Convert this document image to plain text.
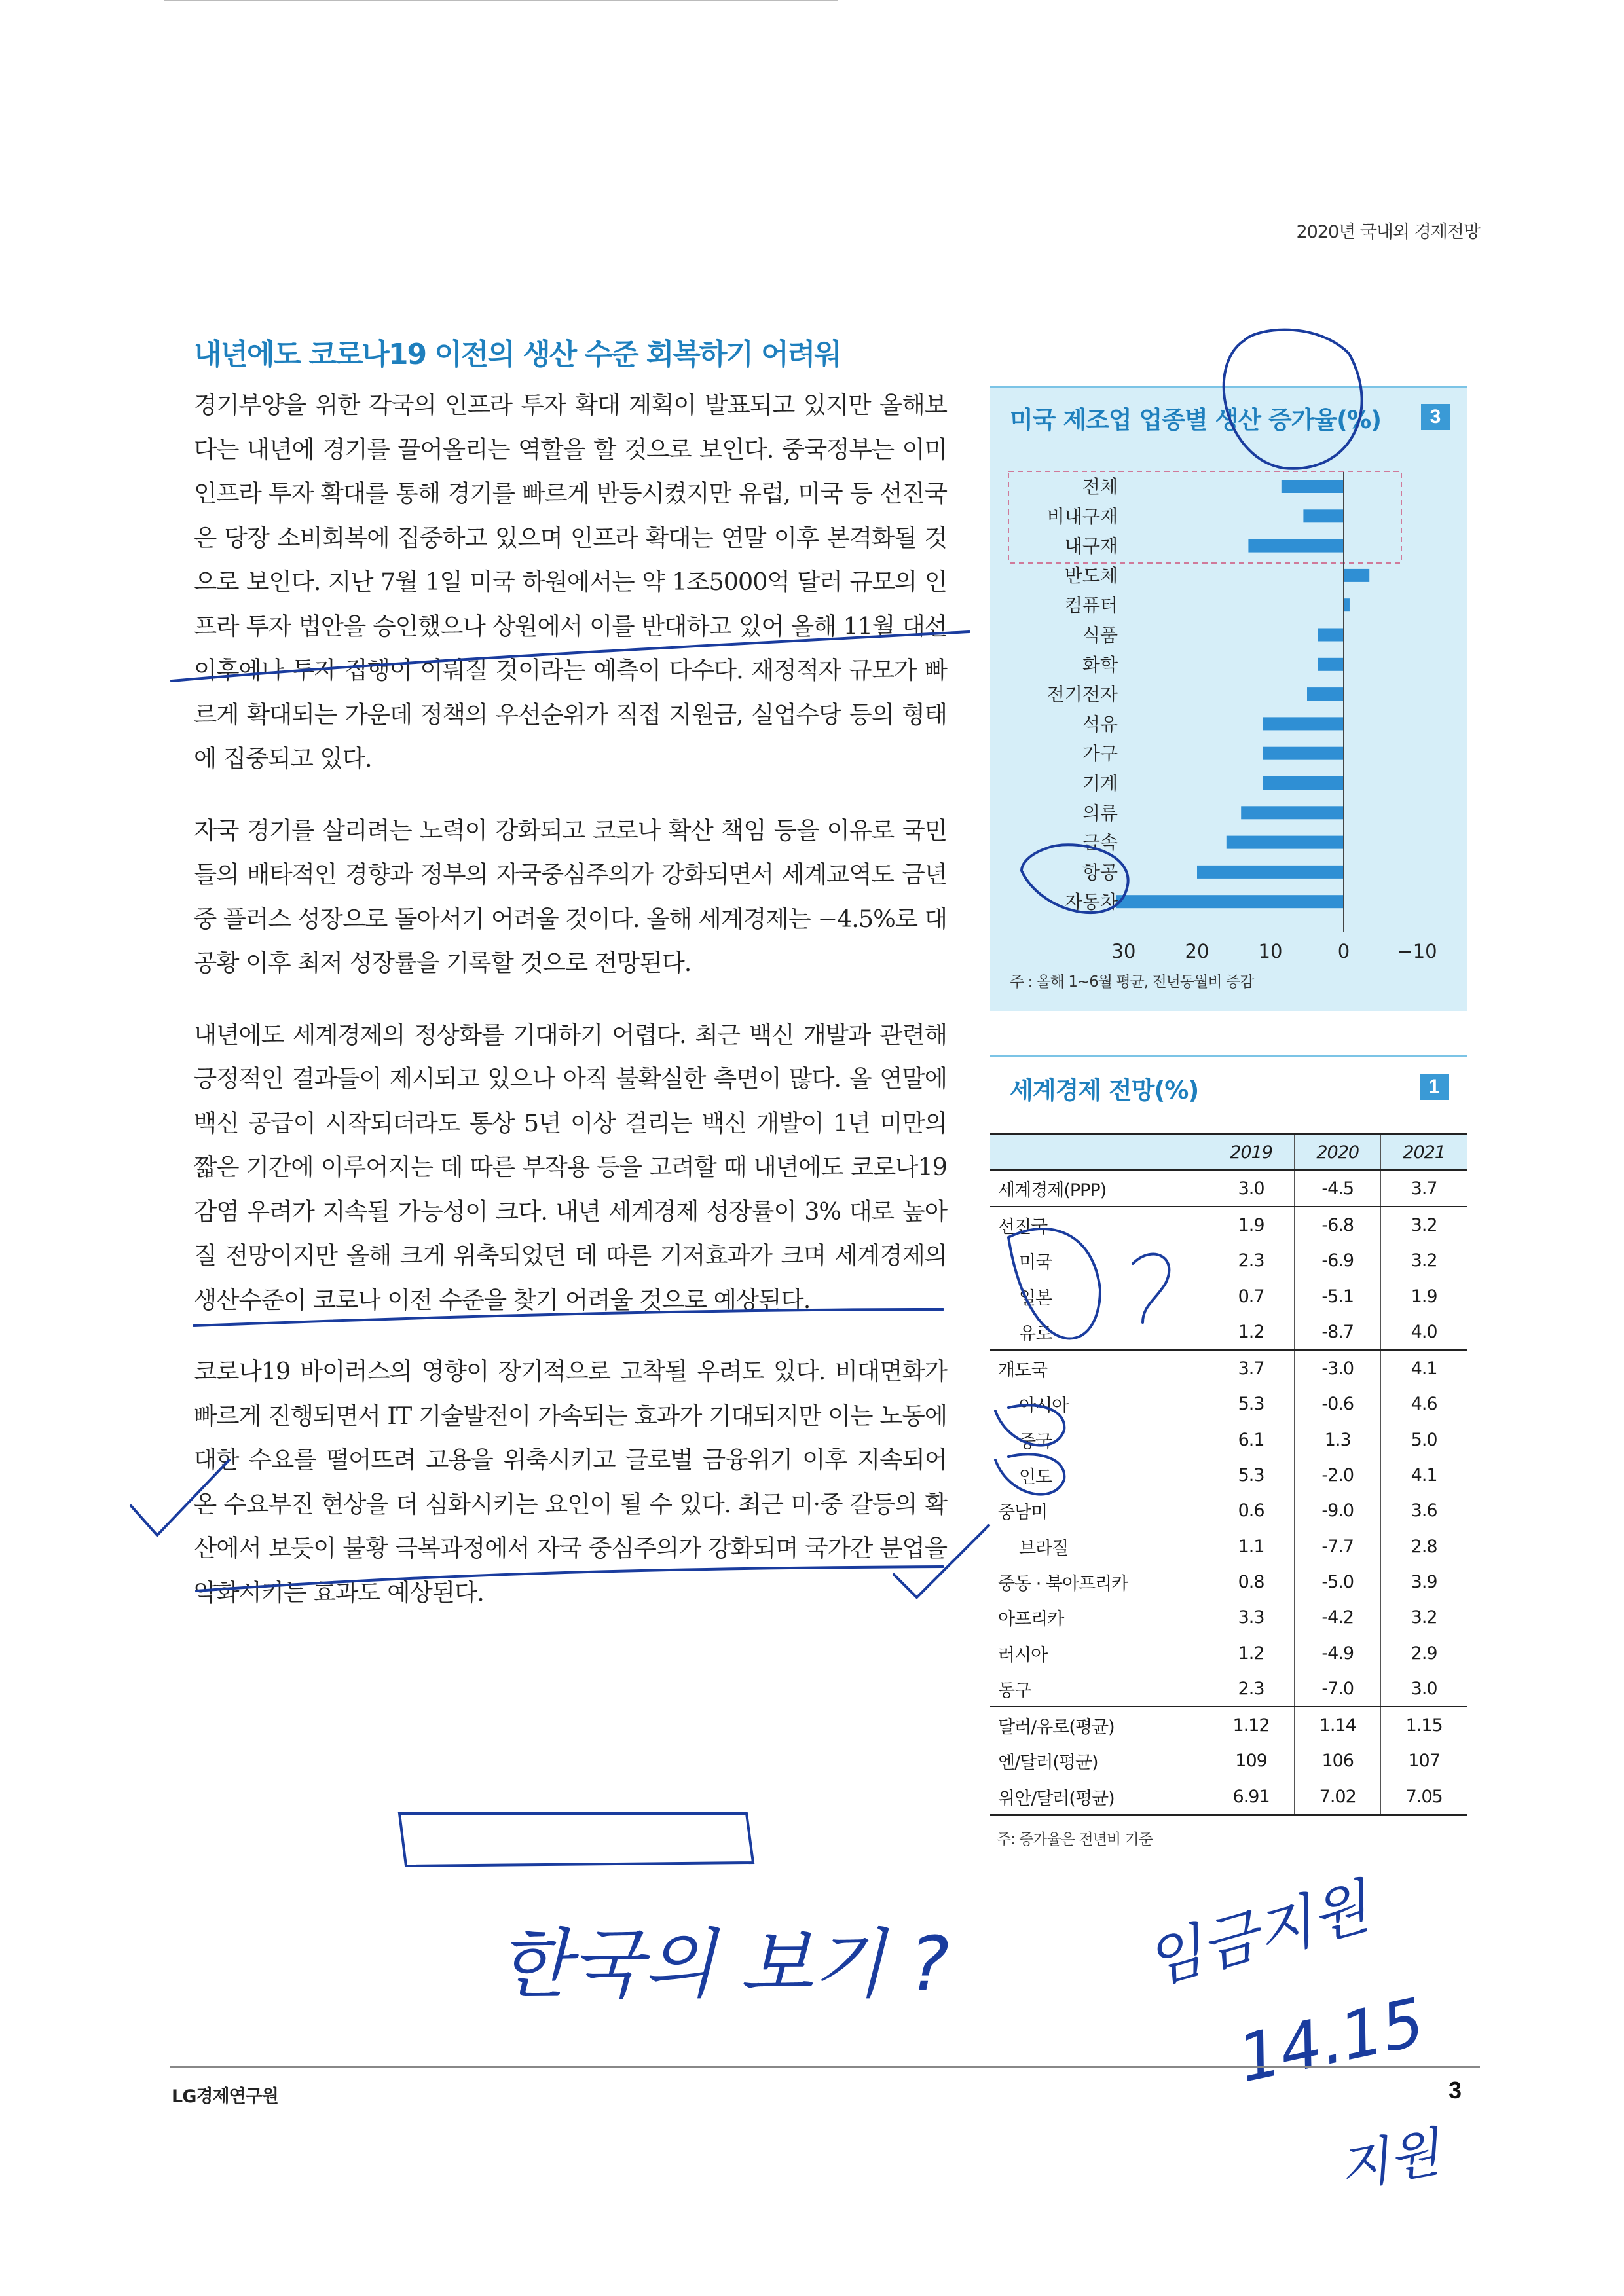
2020년 국내외 경제전망
내년에도 코로나19 이전의 생산 수준 회복하기 어려워

경기부양을 위한 각국의 인프라 투자 확대 계획이 발표되고 있지만 올해보다는 내년에 경기를 끌어올리는 역할을 할 것으로 보인다. 중국정부는 이미 인프라 투자 확대를 통해 경기를 빠르게 반등시켰지만 유럽, 미국 등 선진국은 당장 소비회복에 집중하고 있으며 인프라 확대는 연말 이후 본격화될 것으로 보인다. 지난 7월 1일 미국 하원에서는 약 1조5000억 달러 규모의 인프라 투자 법안을 승인했으나 상원에서 이를 반대하고 있어 올해 11월 대선 이후에나 투자 집행이 이뤄질 것이라는 예측이 다수다. 재정적자 규모가 빠르게 확대되는 가운데 정책의 우선순위가 직접 지원금, 실업수당 등의 형태에 집중되고 있다.

자국 경기를 살리려는 노력이 강화되고 코로나 확산 책임 등을 이유로 국민들의 배타적인 경향과 정부의 자국중심주의가 강화되면서 세계교역도 금년 중 플러스 성장으로 돌아서기 어려울 것이다. 올해 세계경제는 −4.5%로 대공황 이후 최저 성장률을 기록할 것으로 전망된다.

내년에도 세계경제의 정상화를 기대하기 어렵다. 최근 백신 개발과 관련해 긍정적인 결과들이 제시되고 있으나 아직 불확실한 측면이 많다. 올 연말에 백신 공급이 시작되더라도 통상 5년 이상 걸리는 백신 개발이 1년 미만의 짧은 기간에 이루어지는 데 따른 부작용 등을 고려할 때 내년에도 코로나19 감염 우려가 지속될 가능성이 크다. 내년 세계경제 성장률이 3% 대로 높아질 전망이지만 올해 크게 위축되었던 데 따른 기저효과가 크며 세계경제의 생산수준이 코로나 이전 수준을 찾기 어려울 것으로 예상된다.

코로나19 바이러스의 영향이 장기적으로 고착될 우려도 있다. 비대면화가 빠르게 진행되면서 IT 기술발전이 가속되는 효과가 기대되지만 이는 노동에 대한 수요를 떨어뜨려 고용을 위축시키고 글로벌 금융위기 이후 지속되어 온 수요부진 현상을 더 심화시키는 요인이 될 수 있다. 최근 미·중 갈등의 확산에서 보듯이 불황 극복과정에서 자국 중심주의가 강화되며 국가간 분업을 약화시키는 효과도 예상된다.

미국 제조업 업종별 생산 증가율(%)	3
전체
비내구재
내구재
반도체
컴퓨터
식품
화학
전기전자
석유
가구
기계
의류
금속
항공
자동차
30	20	10	0 −10
주 : 올해 1~6월 평균, 전년동월비 증감
세계경제 전망(%)	1
	2019	2020	2021
세계경제(PPP)	3.0	-4.5	3.7
선진국	1.9	-6.8	3.2
미국	2.3	-6.9	3.2
일본	0.7	-5.1	1.9
유로	1.2	-8.7	4.0
개도국	3.7	-3.0	4.1
아시아	5.3	-0.6	4.6
중국	6.1	1.3	5.0
인도	5.3	-2.0	4.1
중남미	0.6	-9.0	3.6
브라질	1.1	-7.7	2.8
중동 · 북아프리카	0.8	-5.0	3.9
아프리카	3.3	-4.2	3.2
러시아	1.2	-4.9	2.9
동구	2.3	-7.0	3.0
달러/유로(평균)	1.12	1.14	1.15
엔/달러(평균)	109	106	107
위안/달러(평균)	6.91	7.02	7.05
주: 증가율은 전년비 기준
한국의 보기 ?	임금지원
14.15
지원
LG경제연구원	3
